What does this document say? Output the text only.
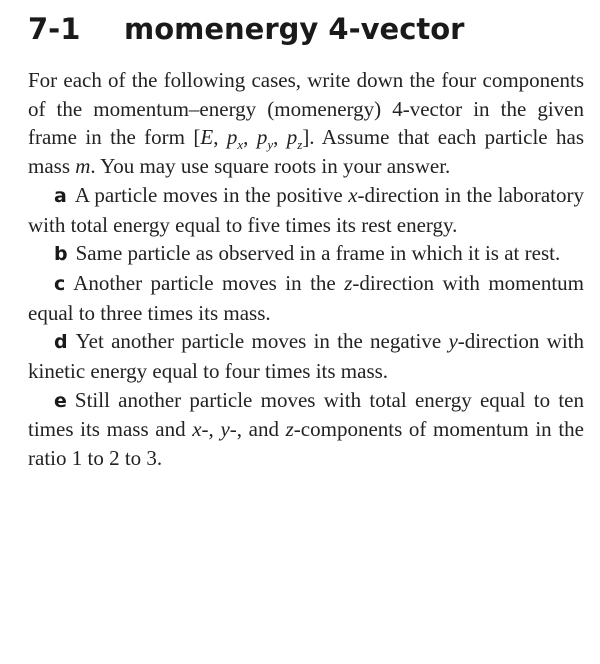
7-1 momenergy 4-vector

For each of the following cases, write down the four components of the momentum–energy (momenergy) 4-vector in the given frame in the form [E, $p_x$, $p_y$, $p_z$]. Assume that each particle has mass m. You may use square roots in your answer.

a A particle moves in the positive x-direction in the laboratory with total energy equal to five times its rest energy.

b Same particle as observed in a frame in which it is at rest.

c Another particle moves in the z-direction with momentum equal to three times its mass.

d Yet another particle moves in the negative y-direction with kinetic energy equal to four times its mass.

e Still another particle moves with total energy equal to ten times its mass and x-, y-, and z-components of momentum in the ratio 1 to 2 to 3.
